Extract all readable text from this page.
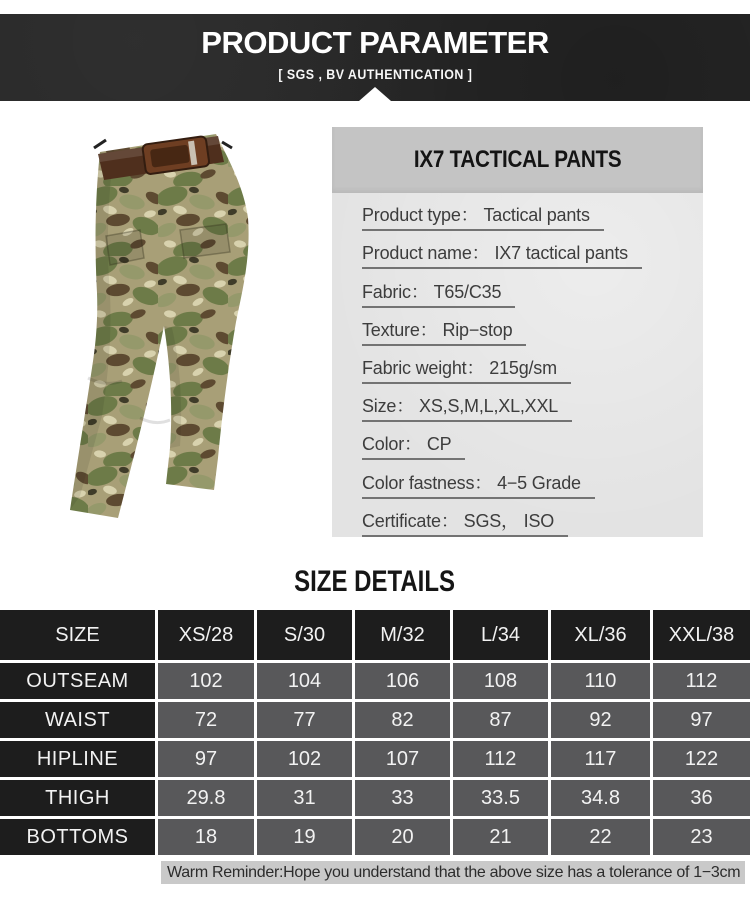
PRODUCT PARAMETER
[ SGS , BV AUTHENTICATION ]
IX7 TACTICAL PANTS
Product type： Tactical pants
Product name： IX7 tactical pants
Fabric： T65/C35
Texture： Rip−stop
Fabric weight： 215g/sm
Size： XS,S,M,L,XL,XXL
Color： CP
Color fastness： 4−5 Grade
Certificate： SGS， ISO
SIZE DETAILS
SIZE	XS/28	S/30	M/32	L/34	XL/36	XXL/38
OUTSEAM	102	104	106	108	110	112
WAIST	72	77	82	87	92	97
HIPLINE	97	102	107	112	117	122
THIGH	29.8	31	33	33.5	34.8	36
BOTTOMS	18	19	20	21	22	23
Warm Reminder:Hope you understand that the above size has a tolerance of 1−3cm
